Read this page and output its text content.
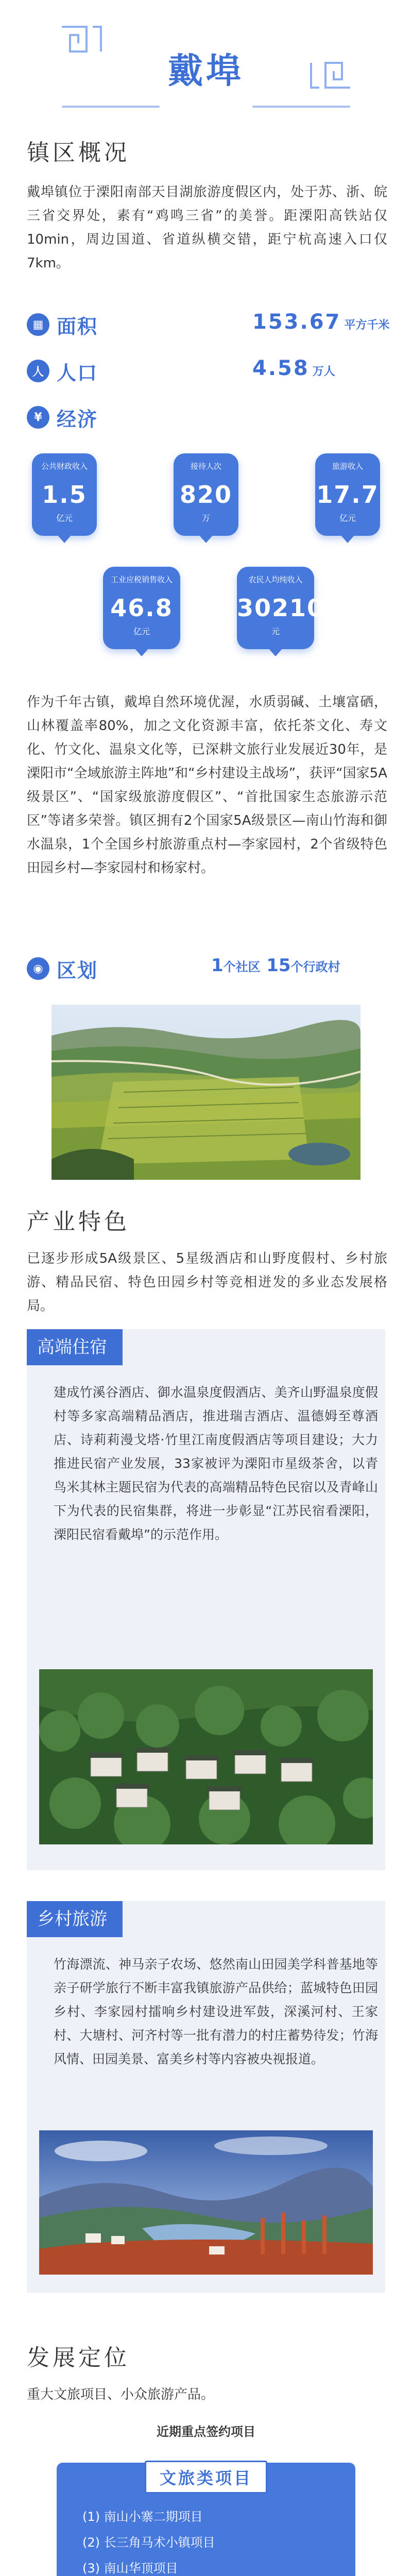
戴埠
镇区概况
戴埠镇位于溧阳南部天目湖旅游度假区内，处于苏、浙、皖三省交界处，素有“鸡鸣三省”的美誉。距溧阳高铁站仅10min，周边国道、省道纵横交错，距宁杭高速入口仅7km。
▦ 面积	153.67 平方千米
人 人口	4.58 万人
¥ 经济
公共财政收入
1.5
亿元
接待人次
820
万
旅游收入
17.7
亿元
工业应税销售收入
46.8
亿元
农民人均纯收入
30210
元
作为千年古镇，戴埠自然环境优渥，水质弱碱、土壤富硒，山林覆盖率80%，加之文化资源丰富，依托茶文化、寿文化、竹文化、温泉文化等，已深耕文旅行业发展近30年，是溧阳市“全域旅游主阵地”和“乡村建设主战场”，获评“国家5A级景区”、“国家级旅游度假区”、“首批国家生态旅游示范区”等诸多荣誉。镇区拥有2个国家5A级景区—南山竹海和御水温泉，1个全国乡村旅游重点村—李家园村，2个省级特色田园乡村—李家园村和杨家村。
◉ 区划	1个社区 15个行政村
产业特色
已逐步形成5A级景区、5星级酒店和山野度假村、乡村旅游、精品民宿、特色田园乡村等竞相迸发的多业态发展格局。
高端住宿
建成竹溪谷酒店、御水温泉度假酒店、美齐山野温泉度假村等多家高端精品酒店，推进瑞吉酒店、温德姆至尊酒店、诗莉莉漫戈塔·竹里江南度假酒店等项目建设；大力推进民宿产业发展，33家被评为溧阳市星级茶舍，以青鸟米其林主题民宿为代表的高端精品特色民宿以及青峰山下为代表的民宿集群，将进一步彰显“江苏民宿看溧阳，溧阳民宿看戴埠”的示范作用。
乡村旅游
竹海漂流、神马亲子农场、悠然南山田园美学科普基地等亲子研学旅行不断丰富我镇旅游产品供给；蓝城特色田园乡村、李家园村擂响乡村建设进军鼓，深溪河村、王家村、大塘村、河齐村等一批有潜力的村庄蓄势待发；竹海风情、田园美景、富美乡村等内容被央视报道。
发展定位
重大文旅项目、小众旅游产品。
近期重点签约项目
文旅类项目
(1) 南山小寨二期项目
(2) 长三角马术小镇项目
(3) 南山华顶项目
